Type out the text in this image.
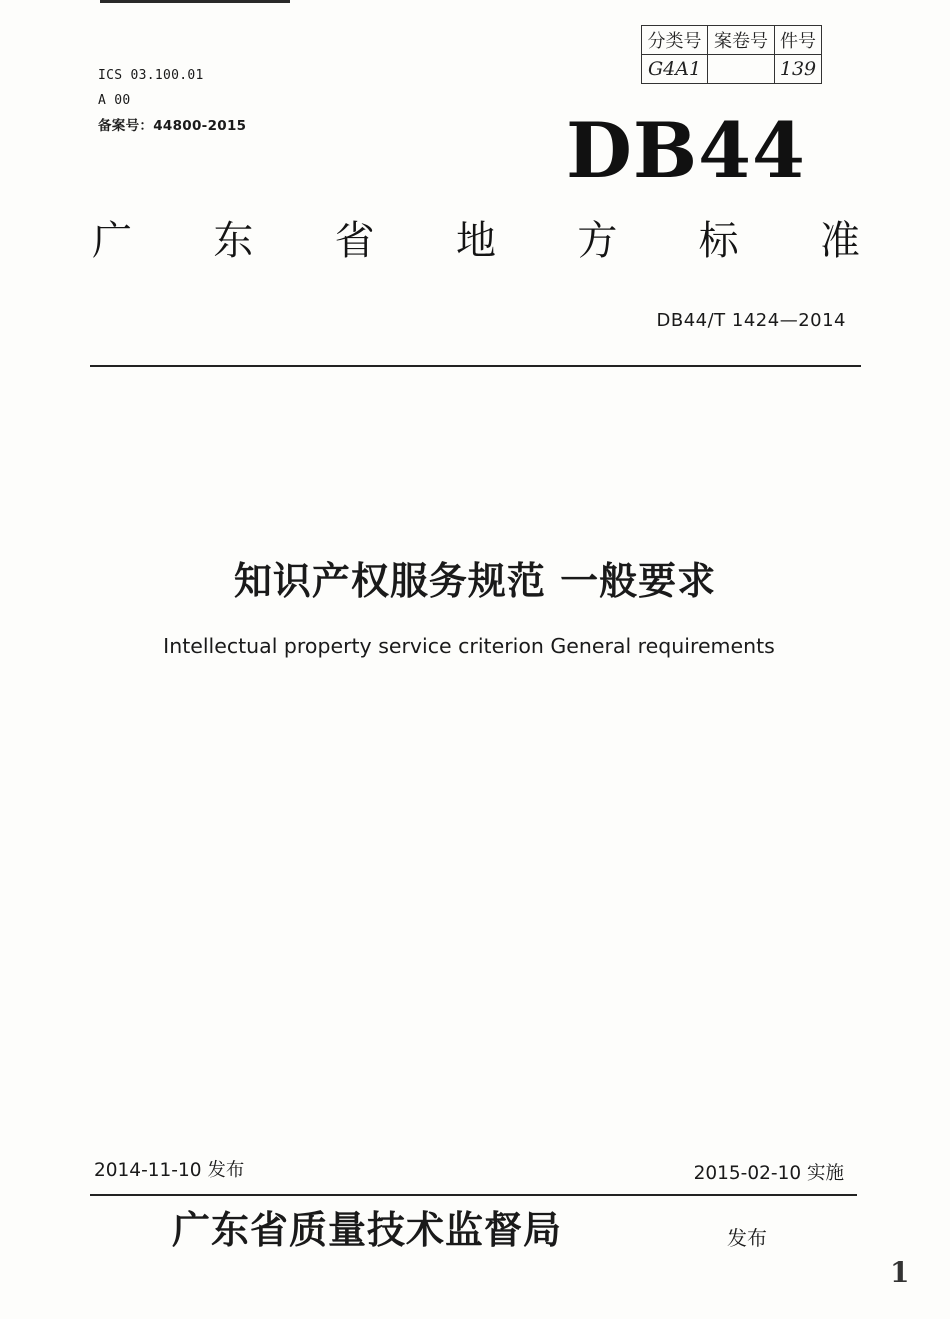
ICS 03.100.01
A 00
备案号：44800-2015
分类号	案卷号	件号
G4A1		139
DB44
广 东 省 地 方 标 准
DB44/T 1424—2014
知识产权服务规范 一般要求
Intellectual property service criterion General requirements
2014-11-10 发布	2015-02-10 实施
广东省质量技术监督局	发布
1
